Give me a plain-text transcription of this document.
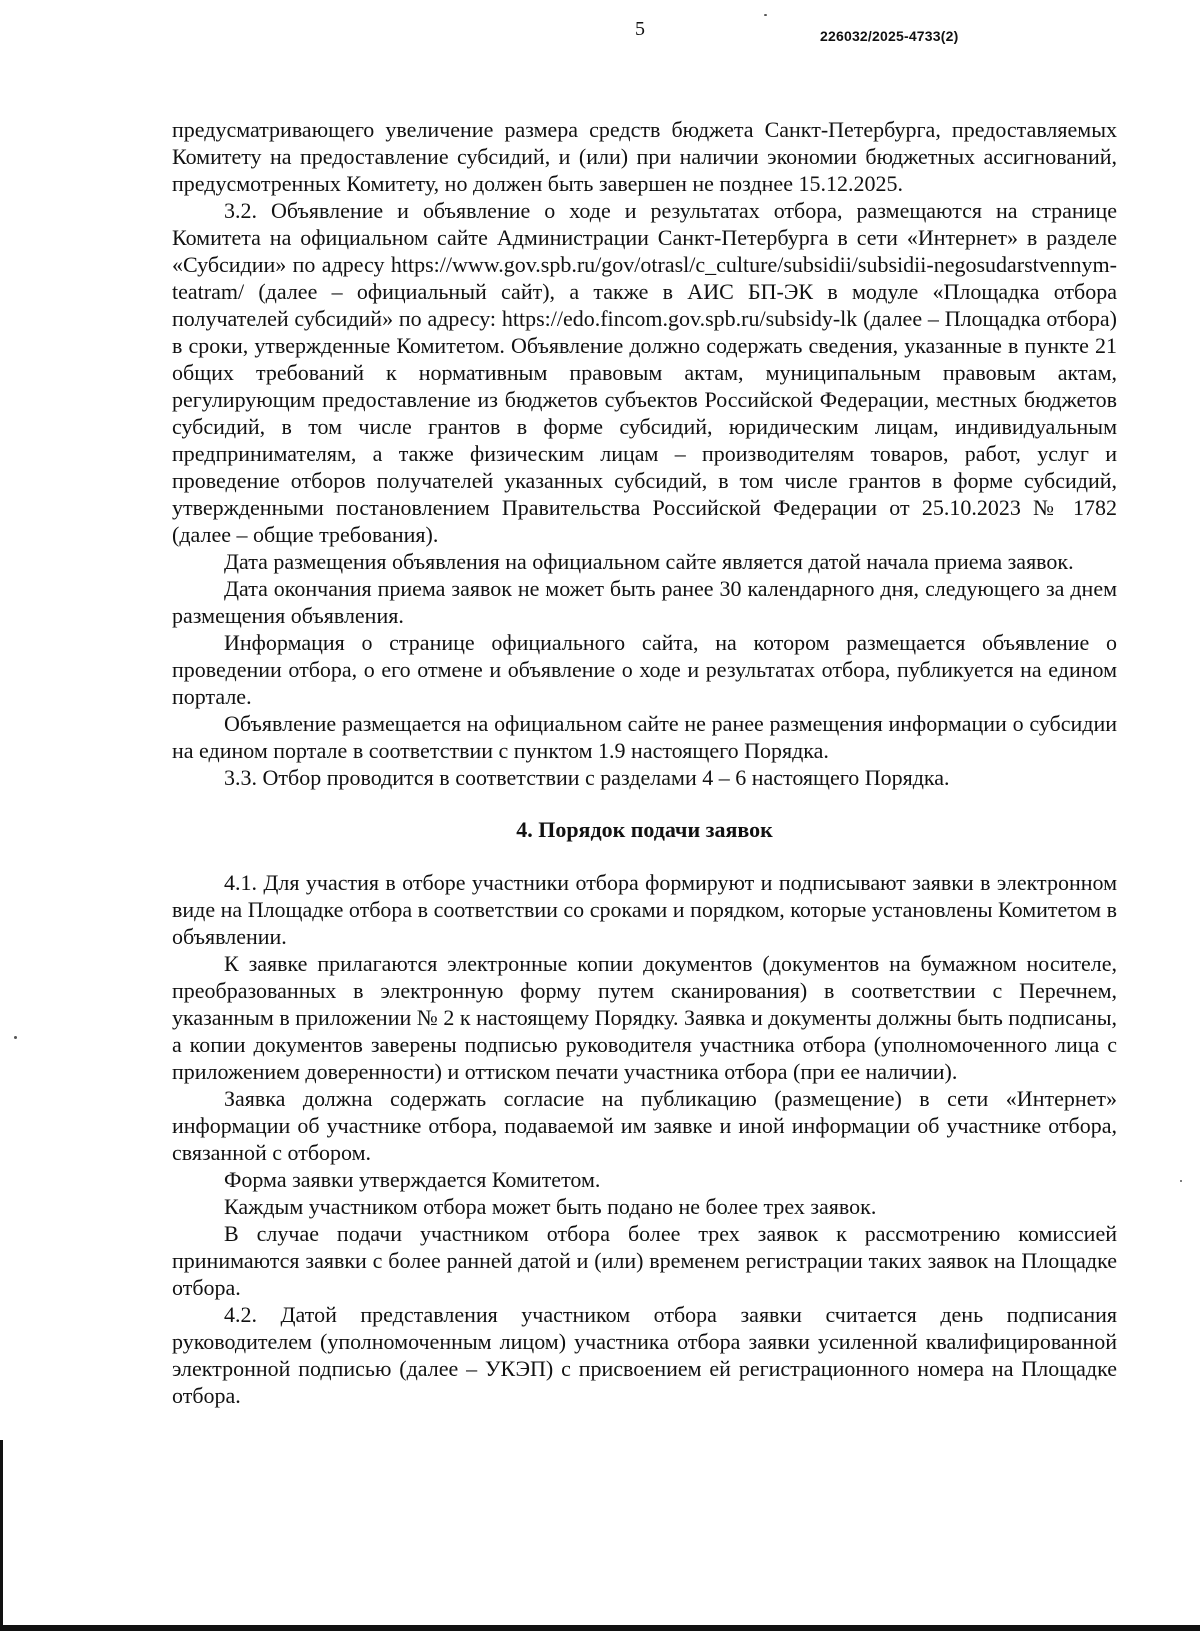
5	226032/2025-4733(2)

предусматривающего увеличение размера средств бюджета Санкт-Петербурга, предоставляемых Комитету на предоставление субсидий, и (или) при наличии экономии бюджетных ассигнований, предусмотренных Комитету, но должен быть завершен не позднее 15.12.2025.

3.2. Объявление и объявление о ходе и результатах отбора, размещаются на странице Комитета на официальном сайте Администрации Санкт-Петербурга в сети «Интернет» в разделе «Субсидии» по адресу https://www.gov.spb.ru/gov/otrasl/c_culture/subsidii/subsidii-negosudarstvennym-teatram/ (далее – официальный сайт), а также в АИС БП-ЭК в модуле «Площадка отбора получателей субсидий» по адресу: https://edo.fincom.gov.spb.ru/subsidy-lk (далее – Площадка отбора) в сроки, утвержденные Комитетом. Объявление должно содержать сведения, указанные в пункте 21 общих требований к нормативным правовым актам, муниципальным правовым актам, регулирующим предоставление из бюджетов субъектов Российской Федерации, местных бюджетов субсидий, в том числе грантов в форме субсидий, юридическим лицам, индивидуальным предпринимателям, а также физическим лицам – производителям товаров, работ, услуг и проведение отборов получателей указанных субсидий, в том числе грантов в форме субсидий, утвержденными постановлением Правительства Российской Федерации от 25.10.2023 № 1782 (далее – общие требования).

Дата размещения объявления на официальном сайте является датой начала приема заявок.

Дата окончания приема заявок не может быть ранее 30 календарного дня, следующего за днем размещения объявления.

Информация о странице официального сайта, на котором размещается объявление о проведении отбора, о его отмене и объявление о ходе и результатах отбора, публикуется на едином портале.

Объявление размещается на официальном сайте не ранее размещения информации о субсидии на едином портале в соответствии с пунктом 1.9 настоящего Порядка.

3.3. Отбор проводится в соответствии с разделами 4 – 6 настоящего Порядка.

4. Порядок подачи заявок

4.1. Для участия в отборе участники отбора формируют и подписывают заявки в электронном виде на Площадке отбора в соответствии со сроками и порядком, которые установлены Комитетом в объявлении.

К заявке прилагаются электронные копии документов (документов на бумажном носителе, преобразованных в электронную форму путем сканирования) в соответствии с Перечнем, указанным в приложении № 2 к настоящему Порядку. Заявка и документы должны быть подписаны, а копии документов заверены подписью руководителя участника отбора (уполномоченного лица с приложением доверенности) и оттиском печати участника отбора (при ее наличии).

Заявка должна содержать согласие на публикацию (размещение) в сети «Интернет» информации об участнике отбора, подаваемой им заявке и иной информации об участнике отбора, связанной с отбором.

Форма заявки утверждается Комитетом.

Каждым участником отбора может быть подано не более трех заявок.

В случае подачи участником отбора более трех заявок к рассмотрению комиссией принимаются заявки с более ранней датой и (или) временем регистрации таких заявок на Площадке отбора.

4.2. Датой представления участником отбора заявки считается день подписания руководителем (уполномоченным лицом) участника отбора заявки усиленной квалифицированной электронной подписью (далее – УКЭП) с присвоением ей регистрационного номера на Площадке отбора.
